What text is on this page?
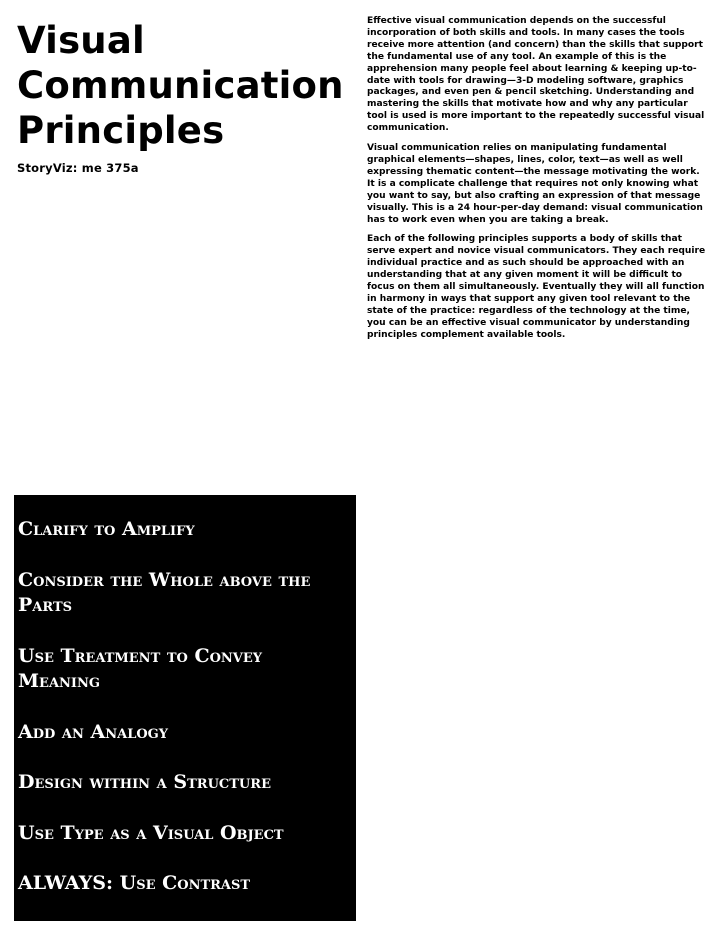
Visual
Communication
Principles
StoryViz: me 375a

Effective visual communication depends on the successful incorporation of both skills and tools. In many cases the tools receive more attention (and concern) than the skills that support the fundamental use of any tool. An example of this is the apprehension many people feel about learning & keeping up-to-date with tools for drawing—3-D modeling software, graphics packages, and even pen & pencil sketching. Understanding and mastering the skills that motivate how and why any particular tool is used is more important to the repeatedly successful visual communication.

Visual communication relies on manipulating fundamental graphical elements—shapes, lines, color, text—as well as well expressing thematic content—the message motivating the work. It is a complicate challenge that requires not only knowing what you want to say, but also crafting an expression of that message visually. This is a 24 hour-per-day demand: visual communication has to work even when you are taking a break.

Each of the following principles supports a body of skills that serve expert and novice visual communicators. They each require individual practice and as such should be approached with an understanding that at any given moment it will be difficult to focus on them all simultaneously. Eventually they will all function in harmony in ways that support any given tool relevant to the state of the practice: regardless of the technology at the time, you can be an effective visual communicator by understanding principles complement available tools.

Clarify to Amplify
Consider the Whole above the Parts
Use Treatment to Convey Meaning
Add an Analogy
Design within a Structure
Use Type as a Visual Object
ALWAYS: Use Contrast
